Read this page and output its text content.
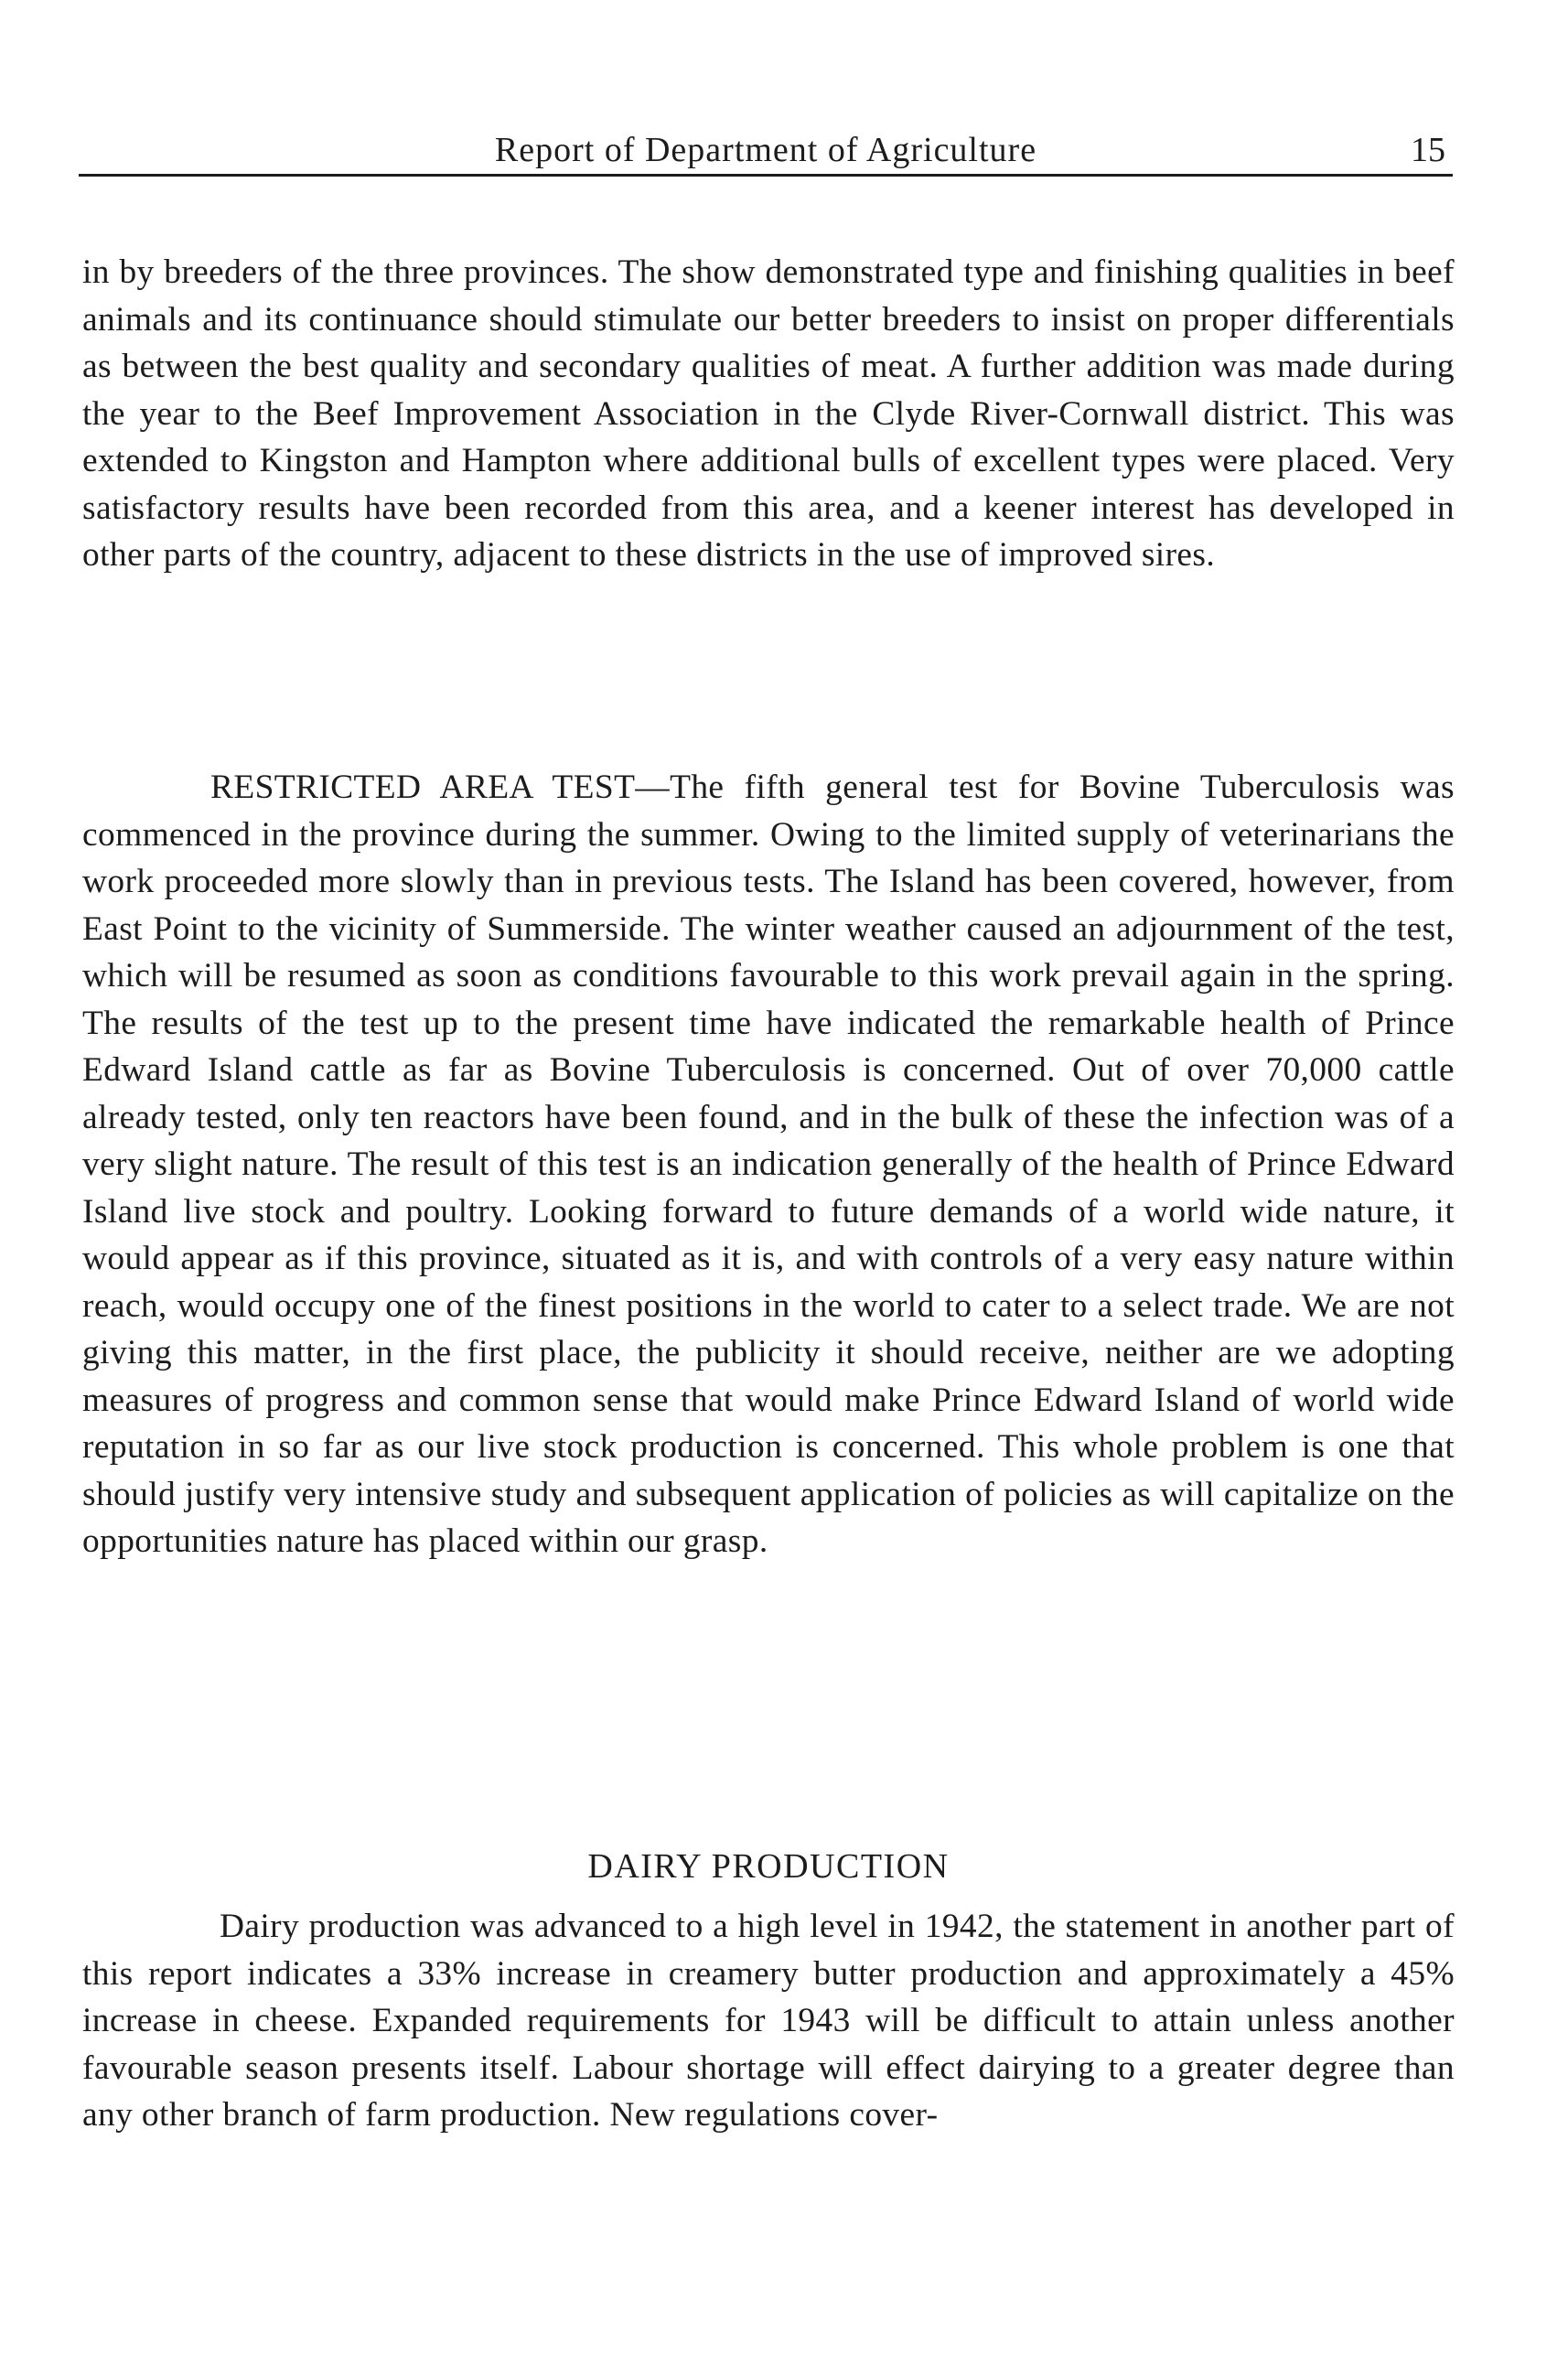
Report of Department of Agriculture	15

in by breeders of the three provinces. The show demonstrated type and finishing qualities in beef animals and its continuance should stimulate our better breeders to insist on proper differentials as between the best quality and secondary qualities of meat. A further addition was made during the year to the Beef Improvement Association in the Clyde River-Cornwall district. This was extended to Kingston and Hampton where additional bulls of excellent types were placed. Very satisfactory results have been recorded from this area, and a keener interest has developed in other parts of the country, adjacent to these districts in the use of improved sires.

RESTRICTED AREA TEST—The fifth general test for Bovine Tuberculosis was commenced in the province during the summer. Owing to the limited supply of veterinarians the work proceeded more slowly than in previous tests. The Island has been covered, however, from East Point to the vicinity of Summerside. The winter weather caused an adjournment of the test, which will be resumed as soon as conditions favourable to this work prevail again in the spring. The results of the test up to the present time have indicated the remarkable health of Prince Edward Island cattle as far as Bovine Tuberculosis is concerned. Out of over 70,000 cattle already tested, only ten reactors have been found, and in the bulk of these the infection was of a very slight nature. The result of this test is an indication generally of the health of Prince Edward Island live stock and poultry. Looking forward to future demands of a world wide nature, it would appear as if this province, situated as it is, and with controls of a very easy nature within reach, would occupy one of the finest positions in the world to cater to a select trade. We are not giving this matter, in the first place, the publicity it should receive, neither are we adopting measures of progress and common sense that would make Prince Edward Island of world wide reputation in so far as our live stock production is concerned. This whole problem is one that should justify very intensive study and subsequent application of policies as will capitalize on the opportunities nature has placed within our grasp.

DAIRY PRODUCTION

Dairy production was advanced to a high level in 1942, the statement in another part of this report indicates a 33% increase in creamery butter production and approximately a 45% increase in cheese. Expanded requirements for 1943 will be difficult to attain unless another favourable season presents itself. Labour shortage will effect dairying to a greater degree than any other branch of farm production. New regulations cover-
